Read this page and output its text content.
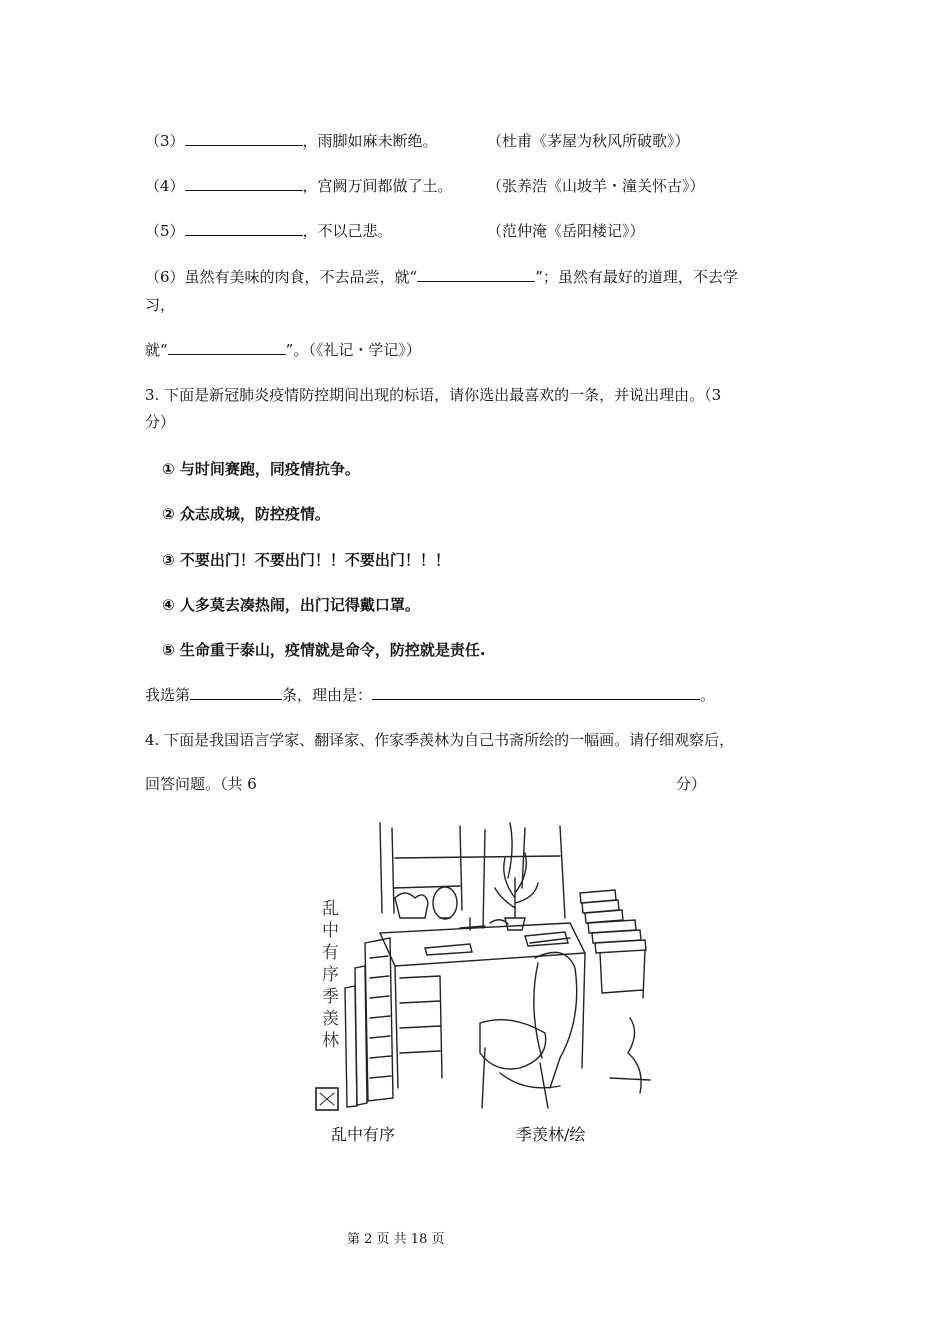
（3）	，雨脚如麻未断绝。	（杜甫《茅屋为秋风所破歌》）
（4）	，宫阙万间都做了土。 （张养浩《山坡羊・潼关怀古》）
（5）	，不以己悲。	（范仲淹《岳阳楼记》）
（6）虽然有美味的肉食，不去品尝，就“	”；虽然有最好的道理，不去学
习，
就“	”。（《礼记・学记》）
3. 下面是新冠肺炎疫情防控期间出现的标语，请你选出最喜欢的一条，并说出理由。（3
分）
① 与时间赛跑，同疫情抗争。
② 众志成城，防控疫情。
③ 不要出门！不要出门！！不要出门！！！
④ 人多莫去凑热闹，出门记得戴口罩。
⑤ 生命重于泰山，疫情就是命令，防控就是责任.
我选第	条，理由是：	。
4. 下面是我国语言学家、翻译家、作家季羡林为自己书斋所绘的一幅画。请仔细观察后，
回答问题。（共 6	分）
乱中有序 季羡林
乱中有序	季羡林/绘
第 2 页 共 18 页
